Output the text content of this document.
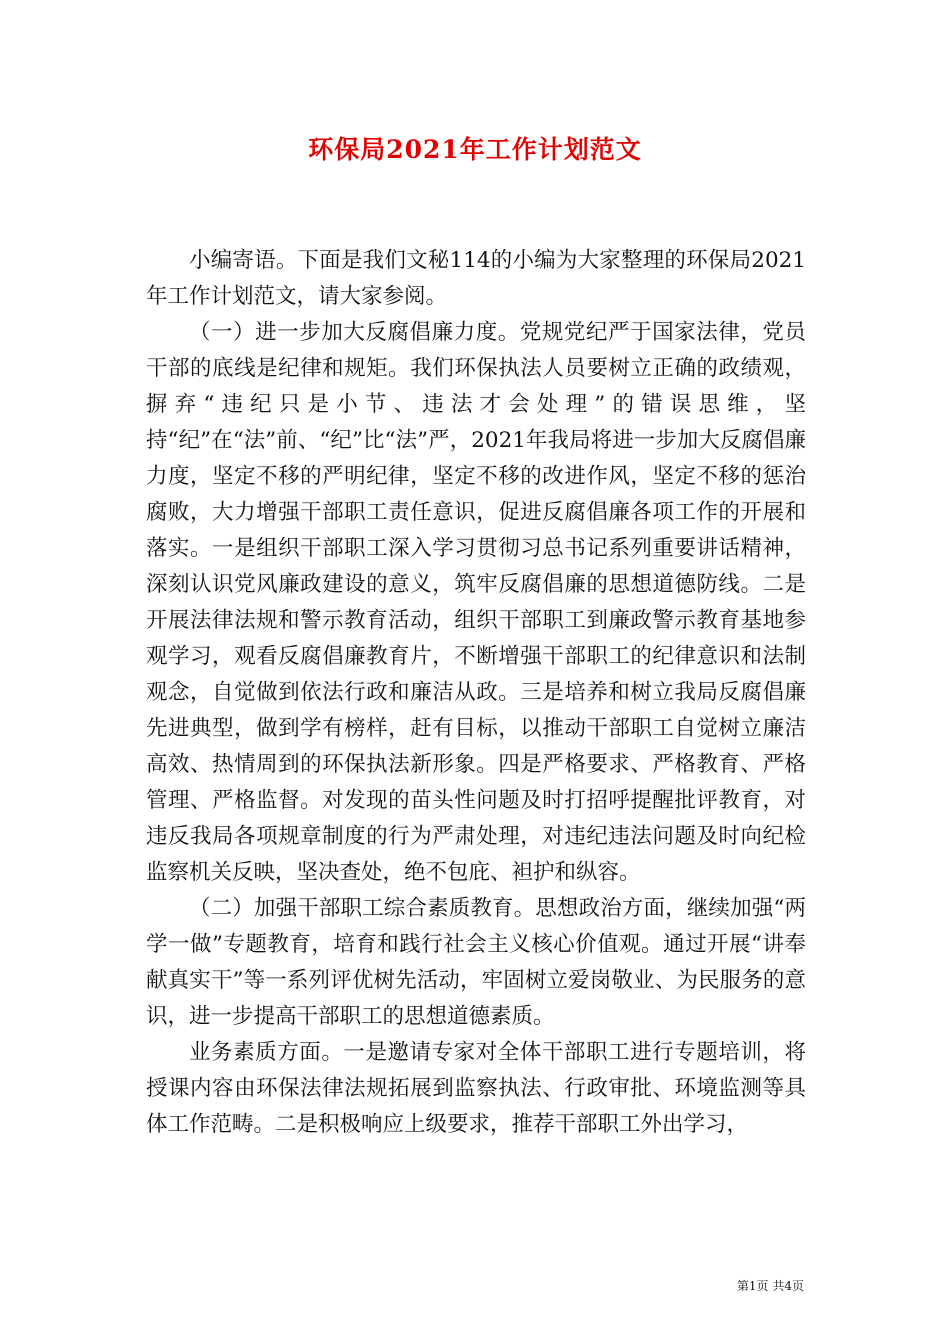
环保局2021年工作计划范文

小编寄语。下面是我们文秘114的小编为大家整理的环保局2021年工作计划范文，请大家参阅。

（一）进一步加大反腐倡廉力度。党规党纪严于国家法律，党员干部的底线是纪律和规矩。我们环保执法人员要树立正确的政绩观，摒弃“违纪只是小节、违法才会处理”的错误思维，坚持“纪”在“法”前、“纪”比“法”严，2021年我局将进一步加大反腐倡廉力度，坚定不移的严明纪律，坚定不移的改进作风，坚定不移的惩治腐败，大力增强干部职工责任意识，促进反腐倡廉各项工作的开展和落实。一是组织干部职工深入学习贯彻习总书记系列重要讲话精神，深刻认识党风廉政建设的意义，筑牢反腐倡廉的思想道德防线。二是开展法律法规和警示教育活动，组织干部职工到廉政警示教育基地参观学习，观看反腐倡廉教育片，不断增强干部职工的纪律意识和法制观念，自觉做到依法行政和廉洁从政。三是培养和树立我局反腐倡廉先进典型，做到学有榜样，赶有目标，以推动干部职工自觉树立廉洁高效、热情周到的环保执法新形象。四是严格要求、严格教育、严格管理、严格监督。对发现的苗头性问题及时打招呼提醒批评教育，对违反我局各项规章制度的行为严肃处理，对违纪违法问题及时向纪检监察机关反映，坚决查处，绝不包庇、袒护和纵容。

（二）加强干部职工综合素质教育。思想政治方面，继续加强“两学一做”专题教育，培育和践行社会主义核心价值观。通过开展“讲奉献真实干”等一系列评优树先活动，牢固树立爱岗敬业、为民服务的意识，进一步提高干部职工的思想道德素质。

业务素质方面。一是邀请专家对全体干部职工进行专题培训，将授课内容由环保法律法规拓展到监察执法、行政审批、环境监测等具体工作范畴。二是积极响应上级要求，推荐干部职工外出学习，

第1页 共4页
